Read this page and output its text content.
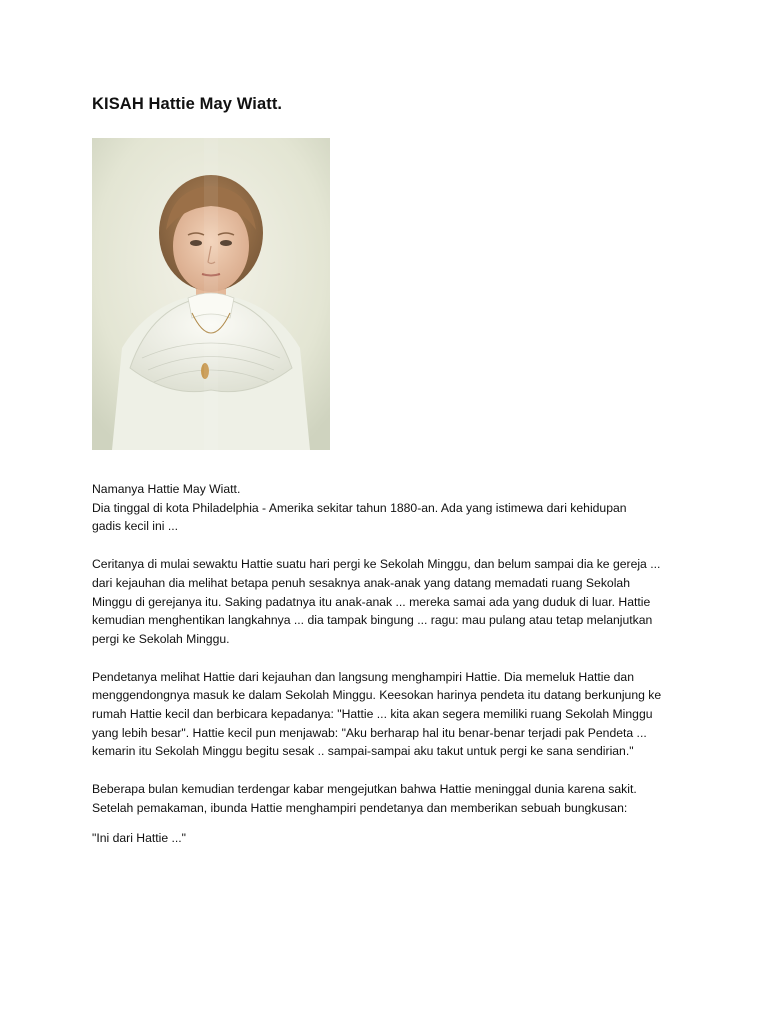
KISAH Hattie May Wiatt.

Namanya Hattie May Wiatt.
Dia tinggal di kota Philadelphia - Amerika sekitar tahun 1880-an. Ada yang istimewa dari kehidupan
gadis kecil ini ...

Ceritanya di mulai sewaktu Hattie suatu hari pergi ke Sekolah Minggu, dan belum sampai dia ke gereja ...
dari kejauhan dia melihat betapa penuh sesaknya anak-anak yang datang memadati ruang Sekolah
Minggu di gerejanya itu. Saking padatnya itu anak-anak ... mereka samai ada yang duduk di luar. Hattie
kemudian menghentikan langkahnya ... dia tampak bingung ... ragu: mau pulang atau tetap melanjutkan
pergi ke Sekolah Minggu.

Pendetanya melihat Hattie dari kejauhan dan langsung menghampiri Hattie. Dia memeluk Hattie dan
menggendongnya masuk ke dalam Sekolah Minggu. Keesokan harinya pendeta itu datang berkunjung ke
rumah Hattie kecil dan berbicara kepadanya: "Hattie ... kita akan segera memiliki ruang Sekolah Minggu
yang lebih besar". Hattie kecil pun menjawab: "Aku berharap hal itu benar-benar terjadi pak Pendeta ...
kemarin itu Sekolah Minggu begitu sesak .. sampai-sampai aku takut untuk pergi ke sana sendirian."

Beberapa bulan kemudian terdengar kabar mengejutkan bahwa Hattie meninggal dunia karena sakit.
Setelah pemakaman, ibunda Hattie menghampiri pendetanya dan memberikan sebuah bungkusan:

"Ini dari Hattie ..."
